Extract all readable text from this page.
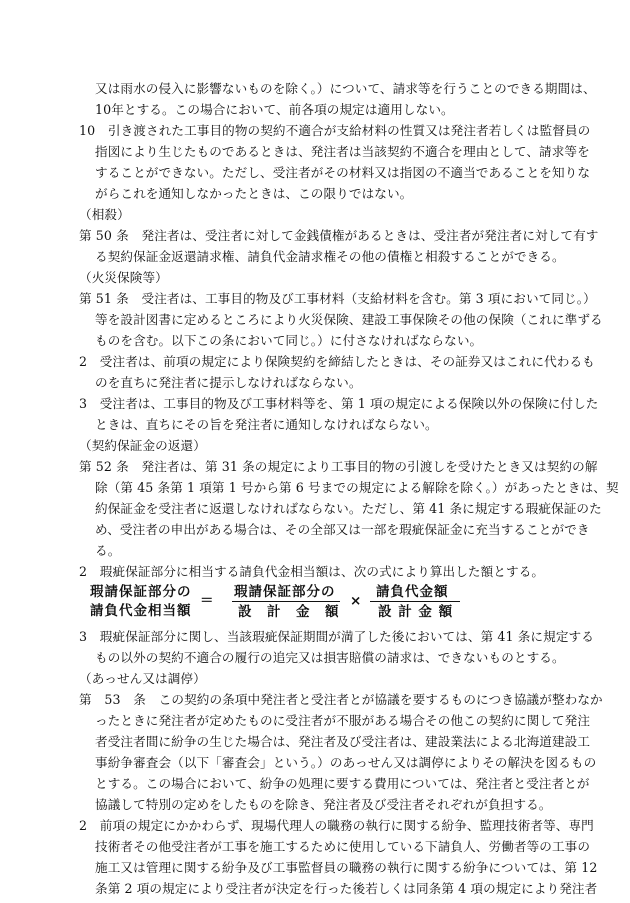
又は雨水の侵入に影響ないものを除く。）について、請求等を行うことのできる期間は、
10年とする。この場合において、前各項の規定は適用しない。
10　引き渡された工事目的物の契約不適合が支給材料の性質又は発注者若しくは監督員の
指図により生じたものであるときは、発注者は当該契約不適合を理由として、請求等を
することができない。ただし、受注者がその材料又は指図の不適当であることを知りな
がらこれを通知しなかったときは、この限りではない。
（相殺）
第 50 条　発注者は、受注者に対して金銭債権があるときは、受注者が発注者に対して有す
る契約保証金返還請求権、請負代金請求権その他の債権と相殺することができる。
（火災保険等）
第 51 条　受注者は、工事目的物及び工事材料（支給材料を含む。第 3 項において同じ。）
等を設計図書に定めるところにより火災保険、建設工事保険その他の保険（これに準ずる
ものを含む。以下この条において同じ。）に付さなければならない。
2　受注者は、前項の規定により保険契約を締結したときは、その証券又はこれに代わるも
のを直ちに発注者に提示しなければならない。
3　受注者は、工事目的物及び工事材料等を、第 1 項の規定による保険以外の保険に付した
ときは、直ちにその旨を発注者に通知しなければならない。
（契約保証金の返還）
第 52 条　発注者は、第 31 条の規定により工事目的物の引渡しを受けたとき又は契約の解
除（第 45 条第 1 項第 1 号から第 6 号までの規定による解除を除く。）があったときは、契
約保証金を受注者に返還しなければならない。ただし、第 41 条に規定する瑕疵保証のた
め、受注者の申出がある場合は、その全部又は一部を瑕疵保証金に充当することができ
る。
2　瑕疵保証部分に相当する請負代金相当額は、次の式により算出した額とする。
3　瑕疵保証部分に関し、当該瑕疵保証期間が満了した後においては、第 41 条に規定する
もの以外の契約不適合の履行の追完又は損害賠償の請求は、できないものとする。
（あっせん又は調停）
第　53　条　この契約の条項中発注者と受注者とが協議を要するものにつき協議が整わなか
ったときに発注者が定めたものに受注者が不服がある場合その他この契約に関して発注
者受注者間に紛争の生じた場合は、発注者及び受注者は、建設業法による北海道建設工
事紛争審査会（以下「審査会」という。）のあっせん又は調停によりその解決を図るもの
とする。この場合において、紛争の処理に要する費用については、発注者と受注者とが
協議して特別の定めをしたものを除き、発注者及び受注者それぞれが負担する。
2　前項の規定にかかわらず、現場代理人の職務の執行に関する紛争、監理技術者等、専門
技術者その他受注者が工事を施工するために使用している下請負人、労働者等の工事の
施工又は管理に関する紛争及び工事監督員の職務の執行に関する紛争については、第 12
条第 2 項の規定により受注者が決定を行った後若しくは同条第 4 項の規定により発注者
瑕請保証部分の
請負代金相当額
＝
瑕請保証部分の
設　計　金　額
×
請負代金額
設 計 金 額
